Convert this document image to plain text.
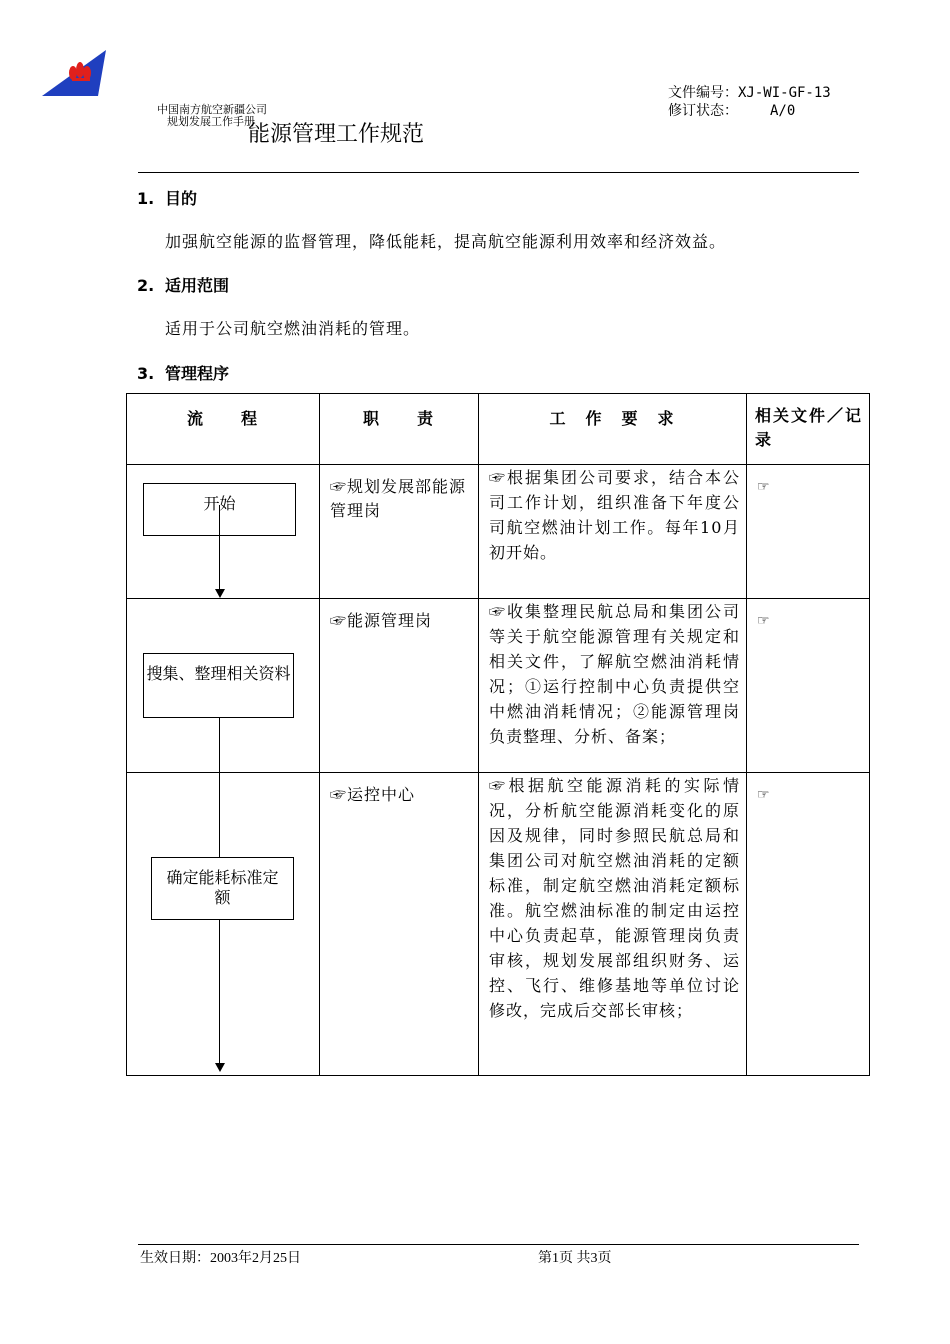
中国南方航空新疆公司
规划发展工作手册
能源管理工作规范
文件编号：XJ-WI-GF-13
修订状态： A/0
1. 目的
加强航空能源的监督管理，降低能耗，提高航空能源利用效率和经济效益。
2. 适用范围
适用于公司航空燃油消耗的管理。
3. 管理程序
流　　程	职　　责	工　作　要　求	相关文件／记录

开始	☞规划发展部能源管理岗	☞根据集团公司要求，结合本公司工作计划，组织准备下年度公司航空燃油计划工作。每年10月初开始。	☞

搜集、整理相关资料	☞能源管理岗	☞收集整理民航总局和集团公司等关于航空能源管理有关规定和相关文件，了解航空燃油消耗情况；①运行控制中心负责提供空中燃油消耗情况；②能源管理岗负责整理、分析、备案；	☞

确定能耗标准定额	☞运控中心	☞根据航空能源消耗的实际情况，分析航空能源消耗变化的原因及规律，同时参照民航总局和集团公司对航空燃油消耗的定额标准，制定航空燃油消耗定额标准。航空燃油标准的制定由运控中心负责起草，能源管理岗负责审核，规划发展部组织财务、运控、飞行、维修基地等单位讨论修改，完成后交部长审核；	☞
生效日期：2003年2月25日	第1页 共3页
